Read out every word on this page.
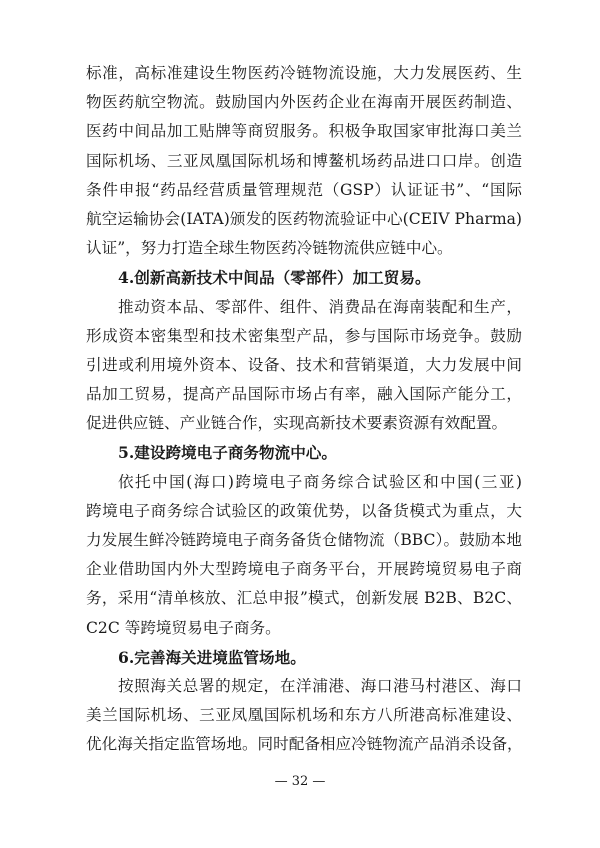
标准，高标准建设生物医药冷链物流设施，大力发展医药、生
物医药航空物流。鼓励国内外医药企业在海南开展医药制造、
医药中间品加工贴牌等商贸服务。积极争取国家审批海口美兰
国际机场、三亚凤凰国际机场和博鳌机场药品进口口岸。创造
条件申报“药品经营质量管理规范（GSP）认证证书”、“国际
航空运输协会(IATA)颁发的医药物流验证中心(CEIV Pharma)
认证”，努力打造全球生物医药冷链物流供应链中心。
4.创新高新技术中间品（零部件）加工贸易。
推动资本品、零部件、组件、消费品在海南装配和生产，
形成资本密集型和技术密集型产品，参与国际市场竞争。鼓励
引进或利用境外资本、设备、技术和营销渠道，大力发展中间
品加工贸易，提高产品国际市场占有率，融入国际产能分工，
促进供应链、产业链合作，实现高新技术要素资源有效配置。
5.建设跨境电子商务物流中心。
依托中国(海口)跨境电子商务综合试验区和中国(三亚)
跨境电子商务综合试验区的政策优势，以备货模式为重点，大
力发展生鲜冷链跨境电子商务备货仓储物流（BBC）。鼓励本地
企业借助国内外大型跨境电子商务平台，开展跨境贸易电子商
务，采用“清单核放、汇总申报”模式，创新发展 B2B、B2C、
C2C 等跨境贸易电子商务。
6.完善海关进境监管场地。
按照海关总署的规定，在洋浦港、海口港马村港区、海口
美兰国际机场、三亚凤凰国际机场和东方八所港高标准建设、
优化海关指定监管场地。同时配备相应冷链物流产品消杀设备，
— 32 —
